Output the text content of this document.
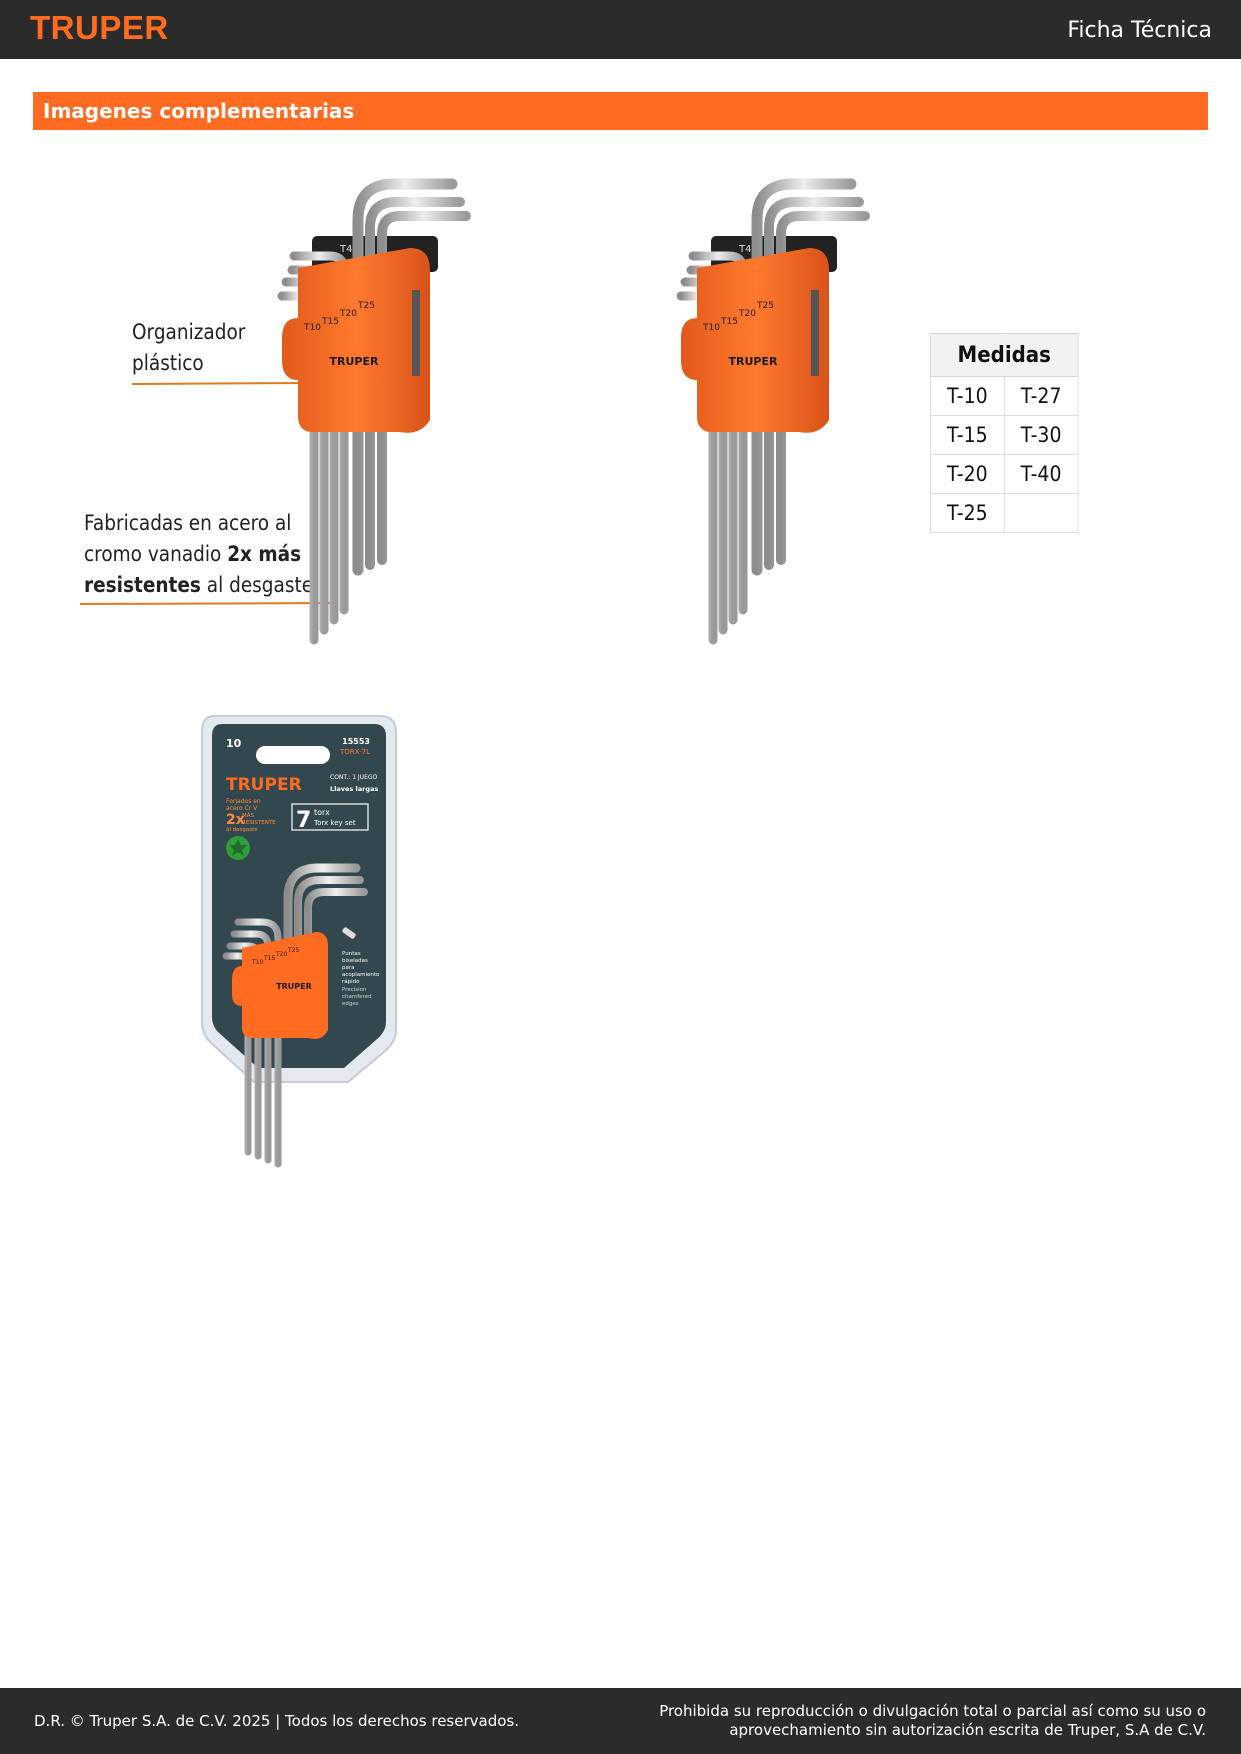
TRUPER	Ficha Técnica
Imagenes complementarias
Organizador
plástico
Fabricadas en acero al
cromo vanadio 2x más
resistentes al desgaste
T40
T10
T15
T20
T25
TRUPER
T40
T10
T15
T20
T25
TRUPER	Medidas	
T-10	T-27
T-15	T-30
T-20	T-40
T-25	
10	15553
TORX-7L
TRUPER	CONT.: 1 JUEGO
Llaves largas
Forjados en
acero Cr V
2x
MÁS
RESISTENTE
al desgaste 7 torx
Torx key set
T10
T15
T20
T25
TRUPER
Puntas
biseladas
para
acoplamiento
rápido
Precision
chamfered
edges
D.R. © Truper S.A. de C.V. 2025 | Todos los derechos reservados.
Prohibida su reproducción o divulgación total o parcial así como su uso o
aprovechamiento sin autorización escrita de Truper, S.A de C.V.
